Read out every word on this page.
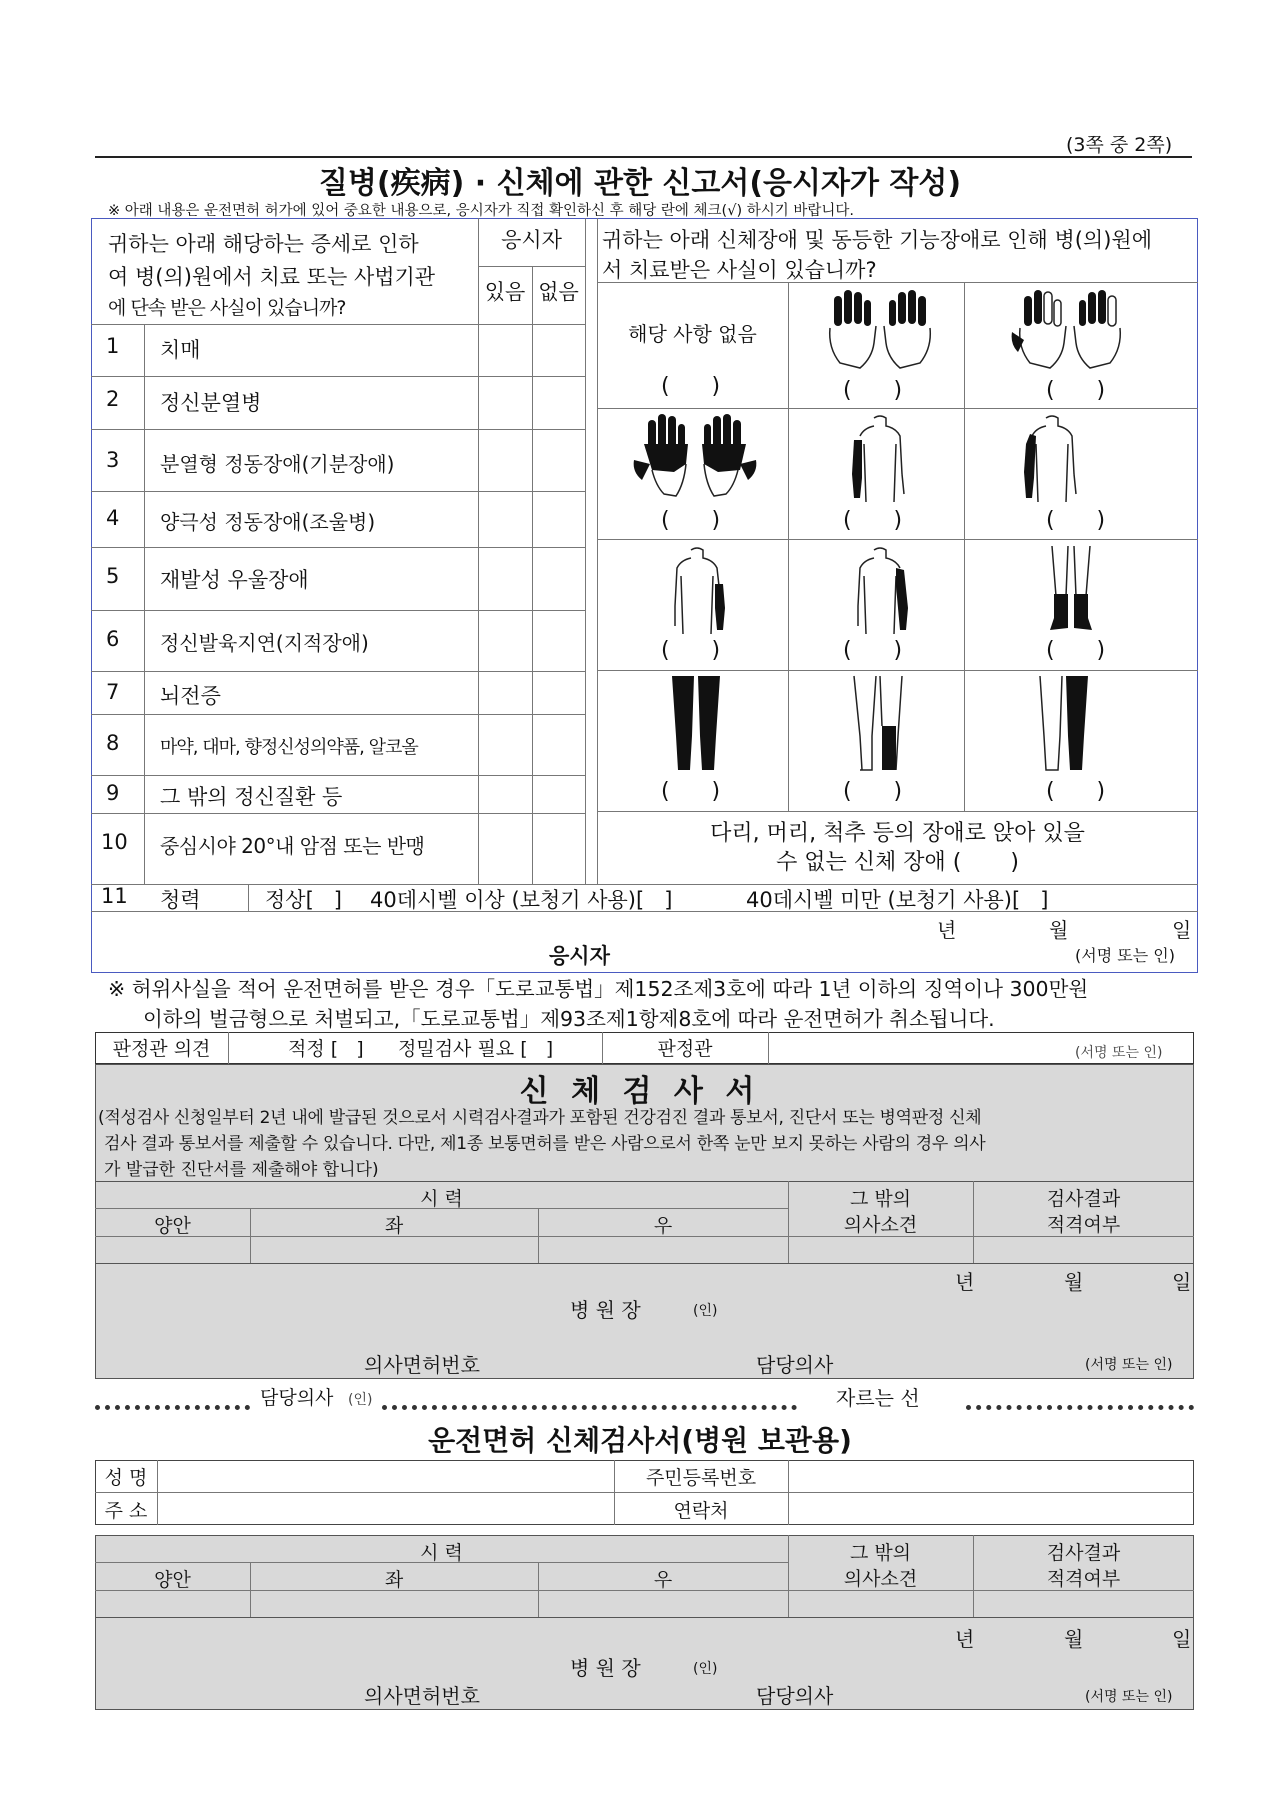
(3쪽 중 2쪽)
질병(疾病) · 신체에 관한 신고서(응시자가 작성)
※ 아래 내용은 운전면허 허가에 있어 중요한 내용으로, 응시자가 직접 확인하신 후 해당 란에 체크(√) 하시기 바랍니다.
귀하는 아래 해당하는 증세로 인하
여 병(의)원에서 치료 또는 사법기관
에 단속 받은 사실이 있습니까?
응시자
있음 없음
1 치매
2 정신분열병
3 분열형 정동장애(기분장애)
4 양극성 정동장애(조울병)
5 재발성 우울장애
6 정신발육지연(지적장애)
7 뇌전증
8 마약, 대마, 향정신성의약품, 알코올
9 그 밖의 정신질환 등
10 중심시야 20°내 암점 또는 반맹
귀하는 아래 신체장애 및 동등한 기능장애로 인해 병(의)원에
서 치료받은 사실이 있습니까?
해당 사항 없음
(      )	(      )	(      )
(      )	(      )	(      )
(      )	(      )	(      )
(      )	(      )	(      )
다리, 머리, 척추 등의 장애로 앉아 있을
수 없는 신체 장애 (       )
11 청력	정상[   ] 40데시벨 이상 (보청기 사용)[   ]	40데시벨 미만 (보청기 사용)[   ]
년	월	일
응시자	(서명 또는 인)
※ 허위사실을 적어 운전면허를 받은 경우「도로교통법」제152조제3호에 따라 1년 이하의 징역이나 300만원
이하의 벌금형으로 처벌되고,「도로교통법」제93조제1항제8호에 따라 운전면허가 취소됩니다.
판정관 의견	적정 [   ] 정밀검사 필요 [   ]	판정관	(서명 또는 인)
신 체 검 사 서
(적성검사 신청일부터 2년 내에 발급된 것으로서 시력검사결과가 포함된 건강검진 결과 통보서, 진단서 또는 병역판정 신체
검사 결과 통보서를 제출할 수 있습니다. 다만, 제1종 보통면허를 받은 사람으로서 한쪽 눈만 보지 못하는 사람의 경우 의사
가 발급한 진단서를 제출해야 합니다)
시 력
양안	좌	우
그 밖의
의사소견
검사결과
적격여부
년	월	일
병 원 장	(인)
의사면허번호	담당의사	(서명 또는 인)
담당의사 (인)	자르는 선
운전면허 신체검사서(병원 보관용)
성 명	주민등록번호
주 소	연락처
시 력
양안	좌	우
그 밖의
의사소견
검사결과
적격여부
년	월	일
병 원 장	(인)
의사면허번호	담당의사	(서명 또는 인)
